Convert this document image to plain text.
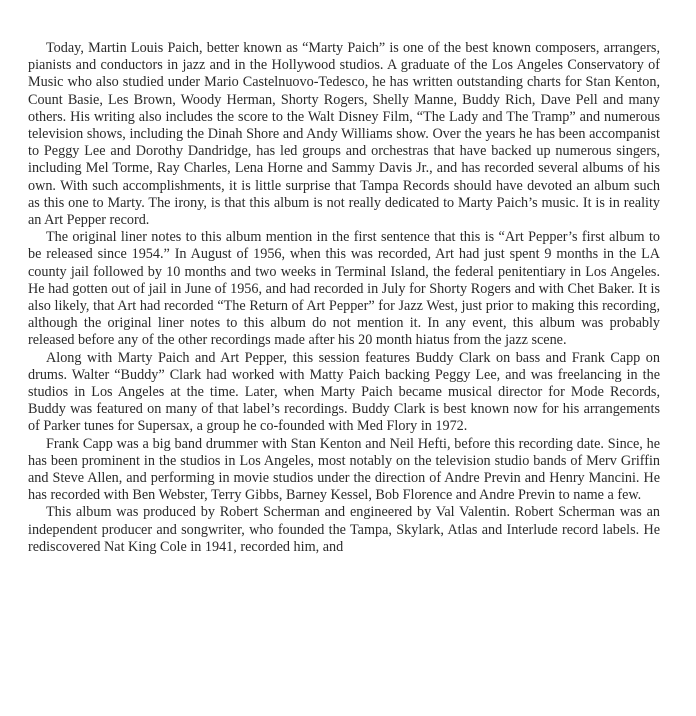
Today, Martin Louis Paich, better known as “Marty Paich” is one of the best known composers, arrangers, pianists and conductors in jazz and in the Hollywood studios. A graduate of the Los Angeles Conservatory of Music who also studied under Mario Castelnuovo-Tedesco, he has written outstanding charts for Stan Kenton, Count Basie, Les Brown, Woody Herman, Shorty Rogers, Shelly Manne, Buddy Rich, Dave Pell and many others. His writing also includes the score to the Walt Disney Film, “The Lady and The Tramp” and numerous television shows, including the Dinah Shore and Andy Williams show. Over the years he has been accompanist to Peggy Lee and Dorothy Dandridge, has led groups and orchestras that have backed up numerous singers, including Mel Torme, Ray Charles, Lena Horne and Sammy Davis Jr., and has recorded several albums of his own. With such accomplishments, it is little surprise that Tampa Records should have devoted an album such as this one to Marty. The irony, is that this album is not really dedicated to Marty Paich’s music. It is in reality an Art Pepper record.

The original liner notes to this album mention in the first sentence that this is “Art Pepper’s first album to be released since 1954.” In August of 1956, when this was recorded, Art had just spent 9 months in the LA county jail followed by 10 months and two weeks in Terminal Island, the federal penitentiary in Los Angeles. He had gotten out of jail in June of 1956, and had recorded in July for Shorty Rogers and with Chet Baker. It is also likely, that Art had recorded “The Return of Art Pepper” for Jazz West, just prior to making this recording, although the original liner notes to this album do not mention it. In any event, this album was probably released before any of the other recordings made after his 20 month hiatus from the jazz scene.

Along with Marty Paich and Art Pepper, this session features Buddy Clark on bass and Frank Capp on drums. Walter “Buddy” Clark had worked with Matty Paich backing Peggy Lee, and was freelancing in the studios in Los Angeles at the time. Later, when Marty Paich became musical director for Mode Records, Buddy was featured on many of that label’s recordings. Buddy Clark is best known now for his arrangements of Parker tunes for Supersax, a group he co-founded with Med Flory in 1972.

Frank Capp was a big band drummer with Stan Kenton and Neil Hefti, before this recording date. Since, he has been prominent in the studios in Los Angeles, most notably on the television studio bands of Merv Griffin and Steve Allen, and performing in movie studios under the direction of Andre Previn and Henry Mancini. He has recorded with Ben Webster, Terry Gibbs, Barney Kessel, Bob Florence and Andre Previn to name a few.

This album was produced by Robert Scherman and engineered by Val Valentin. Robert Scherman was an independent producer and songwriter, who founded the Tampa, Skylark, Atlas and Interlude record labels. He rediscovered Nat King Cole in 1941, recorded him, and
